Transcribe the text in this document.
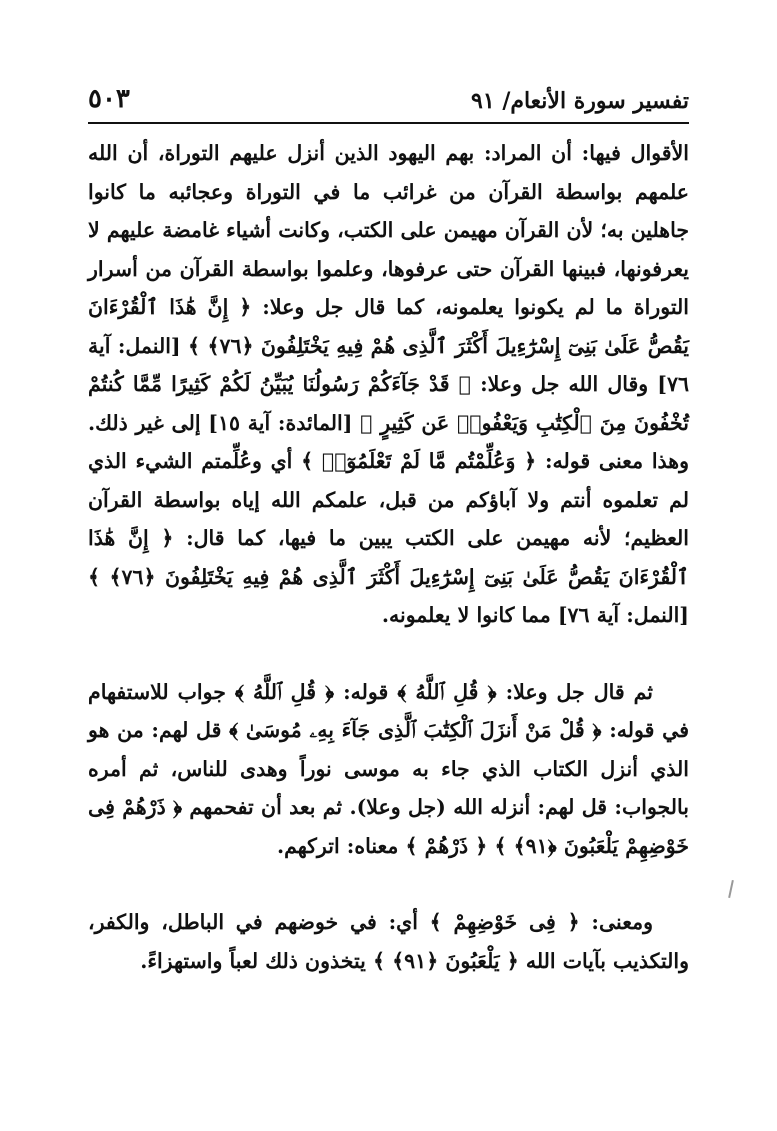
تفسير سورة الأنعام/ ٩١
٥٠٣

الأقوال فيها: أن المراد: بهم اليهود الذين أنزل عليهم التوراة، أن الله علمهم بواسطة القرآن من غرائب ما في التوراة وعجائبه ما كانوا جاهلين به؛ لأن القرآن مهيمن على الكتب، وكانت أشياء غامضة عليهم لا يعرفونها، فبينها القرآن حتى عرفوها، وعلموا بواسطة القرآن من أسرار التوراة ما لم يكونوا يعلمونه، كما قال جل وعلا: ﴿ إِنَّ هَٰذَا ٱلْقُرْءَانَ يَقُصُّ عَلَىٰ بَنِىٓ إِسْرَٰٓءِيلَ أَكْثَرَ ٱلَّذِى هُمْ فِيهِ يَخْتَلِفُونَ ﴿٧٦﴾ ﴾ [النمل: آية ٧٦] وقال الله جل وعلا: ﴿ قَدْ جَآءَكُمْ رَسُولُنَا يُبَيِّنُ لَكُمْ كَثِيرًا مِّمَّا كُنتُمْ تُخْفُونَ مِنَ ٱلْكِتَٰبِ وَيَعْفُوا۟ عَن كَثِيرٍ ﴾ [المائدة: آية ١٥] إلى غير ذلك. وهذا معنى قوله: ﴿ وَعُلِّمْتُم مَّا لَمْ تَعْلَمُوٓا۟ ﴾ أي وعُلِّمتم الشيء الذي لم تعلموه أنتم ولا آباؤكم من قبل، علمكم الله إياه بواسطة القرآن العظيم؛ لأنه مهيمن على الكتب يبين ما فيها، كما قال: ﴿ إِنَّ هَٰذَا ٱلْقُرْءَانَ يَقُصُّ عَلَىٰ بَنِىٓ إِسْرَٰٓءِيلَ أَكْثَرَ ٱلَّذِى هُمْ فِيهِ يَخْتَلِفُونَ ﴿٧٦﴾ ﴾ [النمل: آية ٧٦] مما كانوا لا يعلمونه.

ثم قال جل وعلا: ﴿ قُلِ ٱللَّهُ ﴾ قوله: ﴿ قُلِ ٱللَّهُ ﴾ جواب للاستفهام في قوله: ﴿ قُلْ مَنْ أَنزَلَ ٱلْكِتَٰبَ ٱلَّذِى جَآءَ بِهِۦ مُوسَىٰ ﴾ قل لهم: من هو الذي أنزل الكتاب الذي جاء به موسى نوراً وهدى للناس، ثم أمره بالجواب: قل لهم: أنزله الله (جل وعلا). ثم بعد أن تفحمهم ﴿ ذَرْهُمْ فِى خَوْضِهِمْ يَلْعَبُونَ ﴿٩١﴾ ﴾ ﴿ ذَرْهُمْ ﴾ معناه: اتركهم.

ومعنى: ﴿ فِى خَوْضِهِمْ ﴾ أي: في خوضهم في الباطل، والكفر، والتكذيب بآيات الله ﴿ يَلْعَبُونَ ﴿٩١﴾ ﴾ يتخذون ذلك لعباً واستهزاءً.
